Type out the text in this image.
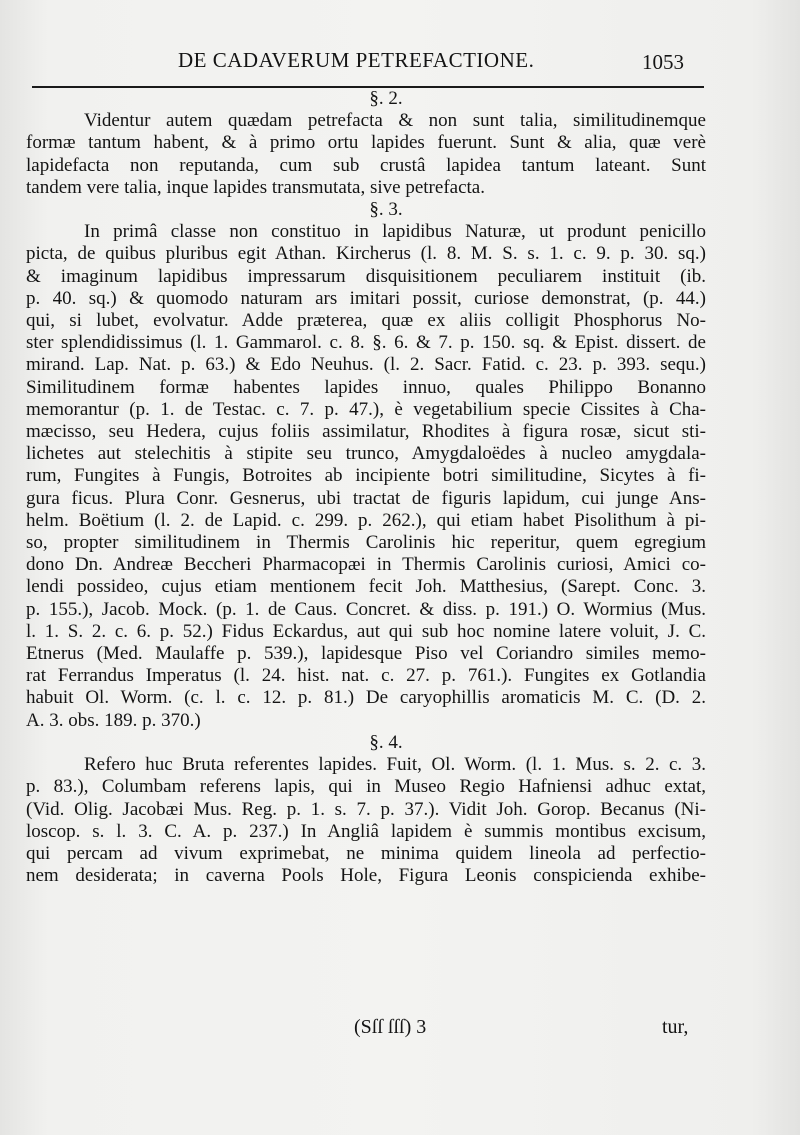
DE CADAVERUM PETREFACTIONE.	1053

§. 2.

Videntur autem quædam petrefacta & non sunt talia, similitudinemque
formæ tantum habent, & à primo ortu lapides fuerunt. Sunt & alia, quæ verè
lapidefacta non reputanda, cum sub crustâ lapidea tantum lateant. Sunt
tandem vere talia, inque lapides transmutata, sive petrefacta.

§. 3.

In primâ classe non constituo in lapidibus Naturæ, ut produnt penicillo
picta, de quibus pluribus egit Athan. Kircherus (l. 8. M. S. s. 1. c. 9. p. 30. sq.)
& imaginum lapidibus impressarum disquisitionem peculiarem instituit (ib.
p. 40. sq.) & quomodo naturam ars imitari possit, curiose demonstrat, (p. 44.)
qui, si lubet, evolvatur. Adde præterea, quæ ex aliis colligit Phosphorus No-
ster splendidissimus (l. 1. Gammarol. c. 8. §. 6. & 7. p. 150. sq. & Epist. dissert. de
mirand. Lap. Nat. p. 63.) & Edo Neuhus. (l. 2. Sacr. Fatid. c. 23. p. 393. sequ.)
Similitudinem formæ habentes lapides innuo, quales Philippo Bonanno
memorantur (p. 1. de Testac. c. 7. p. 47.), è vegetabilium specie Cissites à Cha-
mæcisso, seu Hedera, cujus foliis assimilatur, Rhodites à figura rosæ, sicut sti-
lichetes aut stelechitis à stipite seu trunco, Amygdaloëdes à nucleo amygdala-
rum, Fungites à Fungis, Botroites ab incipiente botri similitudine, Sicytes à fi-
gura ficus. Plura Conr. Gesnerus, ubi tractat de figuris lapidum, cui junge Ans-
helm. Boëtium (l. 2. de Lapid. c. 299. p. 262.), qui etiam habet Pisolithum à pi-
so, propter similitudinem in Thermis Carolinis hic reperitur, quem egregium
dono Dn. Andreæ Beccheri Pharmacopæi in Thermis Carolinis curiosi, Amici co-
lendi possideo, cujus etiam mentionem fecit Joh. Matthesius, (Sarept. Conc. 3.
p. 155.), Jacob. Mock. (p. 1. de Caus. Concret. & diss. p. 191.) O. Wormius (Mus.
l. 1. S. 2. c. 6. p. 52.) Fidus Eckardus, aut qui sub hoc nomine latere voluit, J. C.
Etnerus (Med. Maulaffe p. 539.), lapidesque Piso vel Coriandro similes memo-
rat Ferrandus Imperatus (l. 24. hist. nat. c. 27. p. 761.). Fungites ex Gotlandia
habuit Ol. Worm. (c. l. c. 12. p. 81.) De caryophillis aromaticis M. C. (D. 2.
A. 3. obs. 189. p. 370.)

§. 4.

Refero huc Bruta referentes lapides. Fuit, Ol. Worm. (l. 1. Mus. s. 2. c. 3.
p. 83.), Columbam referens lapis, qui in Museo Regio Hafniensi adhuc extat,
(Vid. Olig. Jacobæi Mus. Reg. p. 1. s. 7. p. 37.). Vidit Joh. Gorop. Becanus (Ni-
loscop. s. l. 3. C. A. p. 237.) In Angliâ lapidem è summis montibus excisum,
qui percam ad vivum exprimebat, ne minima quidem lineola ad perfectio-
nem desiderata; in caverna Pools Hole, Figura Leonis conspicienda exhibe-
(Sſſ ſſſ) 3	tur,
